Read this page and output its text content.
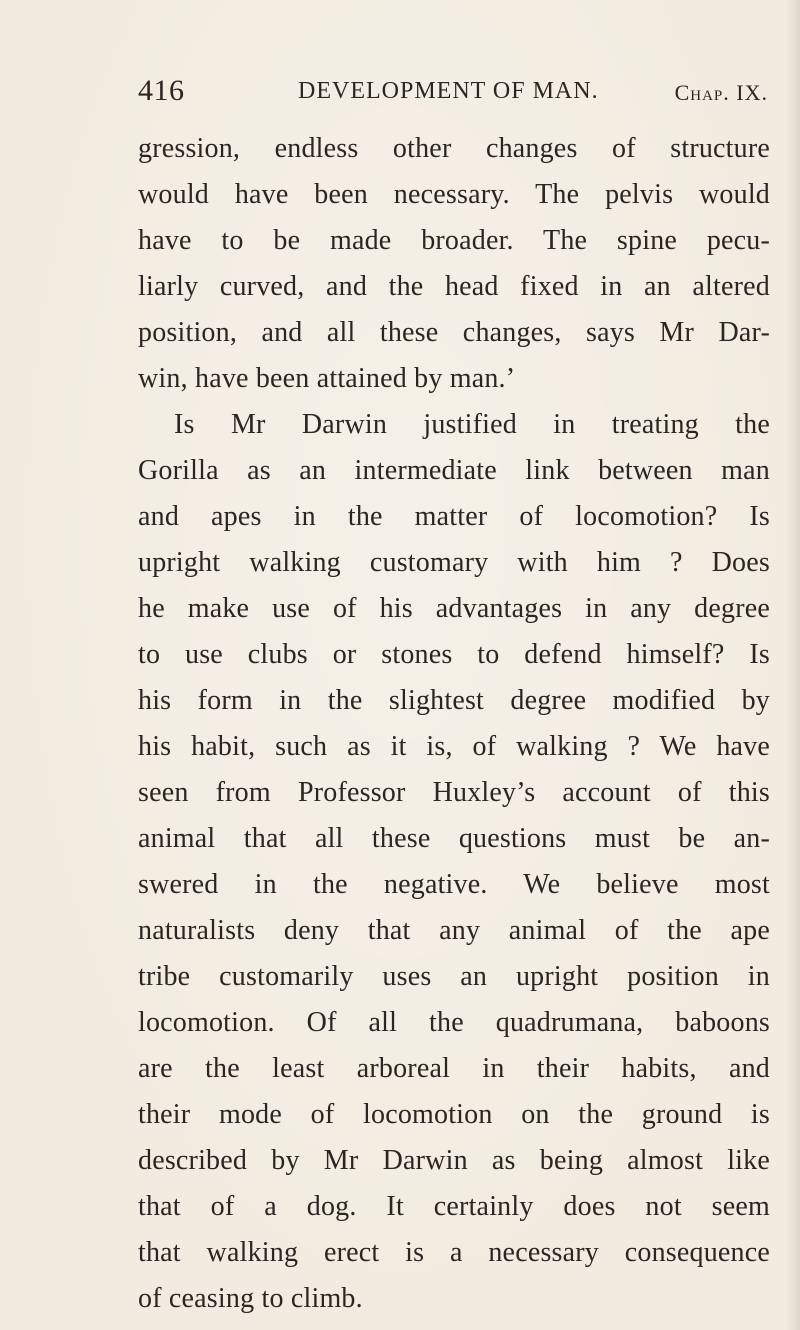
416	DEVELOPMENT OF MAN.	Chap. IX.
gression, endless other changes of structure
would have been necessary. The pelvis would
have to be made broader. The spine pecu-
liarly curved, and the head fixed in an altered
position, and all these changes, says Mr Dar-
win, have been attained by man.’
Is Mr Darwin justified in treating the
Gorilla as an intermediate link between man
and apes in the matter of locomotion? Is
upright walking customary with him ? Does
he make use of his advantages in any degree
to use clubs or stones to defend himself? Is
his form in the slightest degree modified by
his habit, such as it is, of walking ? We have
seen from Professor Huxley’s account of this
animal that all these questions must be an-
swered in the negative. We believe most
naturalists deny that any animal of the ape
tribe customarily uses an upright position in
locomotion. Of all the quadrumana, baboons
are the least arboreal in their habits, and
their mode of locomotion on the ground is
described by Mr Darwin as being almost like
that of a dog. It certainly does not seem
that walking erect is a necessary consequence
of ceasing to climb.
